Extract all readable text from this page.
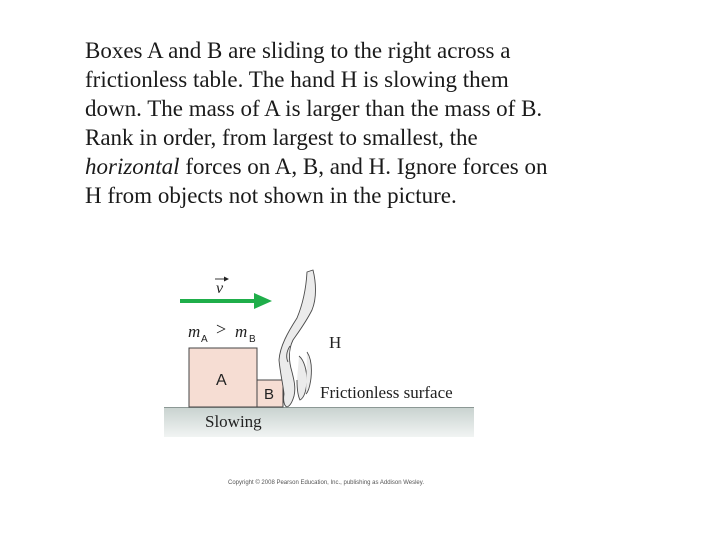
Boxes A and B are sliding to the right across a
frictionless table. The hand H is slowing them
down. The mass of A is larger than the mass of B.
Rank in order, from largest to smallest, the
horizontal forces on A, B, and H. Ignore forces on
H from objects not shown in the picture.

v
m A
> m B
A
B
H
Frictionless surface
Slowing
Copyright © 2008 Pearson Education, Inc., publishing as Addison Wesley.
